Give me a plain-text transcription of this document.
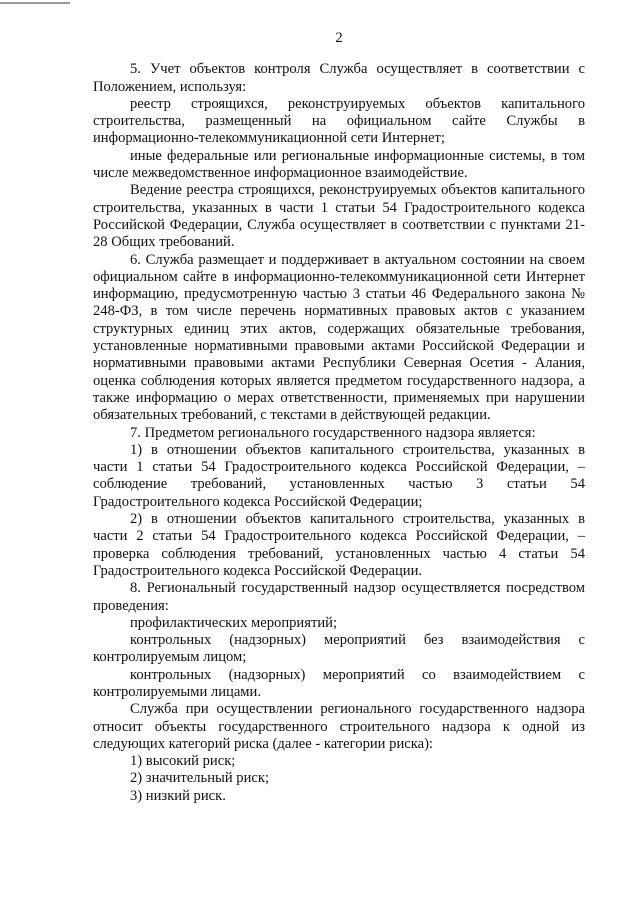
2

5. Учет объектов контроля Служба осуществляет в соответствии с Положением, используя:

реестр строящихся, реконструируемых объектов капитального строительства, размещенный на официальном сайте Службы в информационно-телекоммуникационной сети Интернет;

иные федеральные или региональные информационные системы, в том числе межведомственное информационное взаимодействие.

Ведение реестра строящихся, реконструируемых объектов капитального строительства, указанных в части 1 статьи 54 Градостроительного кодекса Российской Федерации, Служба осуществляет в соответствии с пунктами 21-28 Общих требований.

6. Служба размещает и поддерживает в актуальном состоянии на своем официальном сайте в информационно-телекоммуникационной сети Интернет информацию, предусмотренную частью 3 статьи 46 Федерального закона № 248-ФЗ, в том числе перечень нормативных правовых актов с указанием структурных единиц этих актов, содержащих обязательные требования, установленные нормативными правовыми актами Российской Федерации и нормативными правовыми актами Республики Северная Осетия - Алания, оценка соблюдения которых является предметом государственного надзора, а также информацию о мерах ответственности, применяемых при нарушении обязательных требований, с текстами в действующей редакции.

7. Предметом регионального государственного надзора является:

1) в отношении объектов капитального строительства, указанных в части 1 статьи 54 Градостроительного кодекса Российской Федерации, – соблюдение требований, установленных частью 3 статьи 54 Градостроительного кодекса Российской Федерации;

2) в отношении объектов капитального строительства, указанных в части 2 статьи 54 Градостроительного кодекса Российской Федерации, – проверка соблюдения требований, установленных частью 4 статьи 54 Градостроительного кодекса Российской Федерации.

8. Региональный государственный надзор осуществляется посредством проведения:

профилактических мероприятий;

контрольных (надзорных) мероприятий без взаимодействия с контролируемым лицом;

контрольных (надзорных) мероприятий со взаимодействием с контролируемыми лицами.

Служба при осуществлении регионального государственного надзора относит объекты государственного строительного надзора к одной из следующих категорий риска (далее - категории риска):

1) высокий риск;

2) значительный риск;

3) низкий риск.
